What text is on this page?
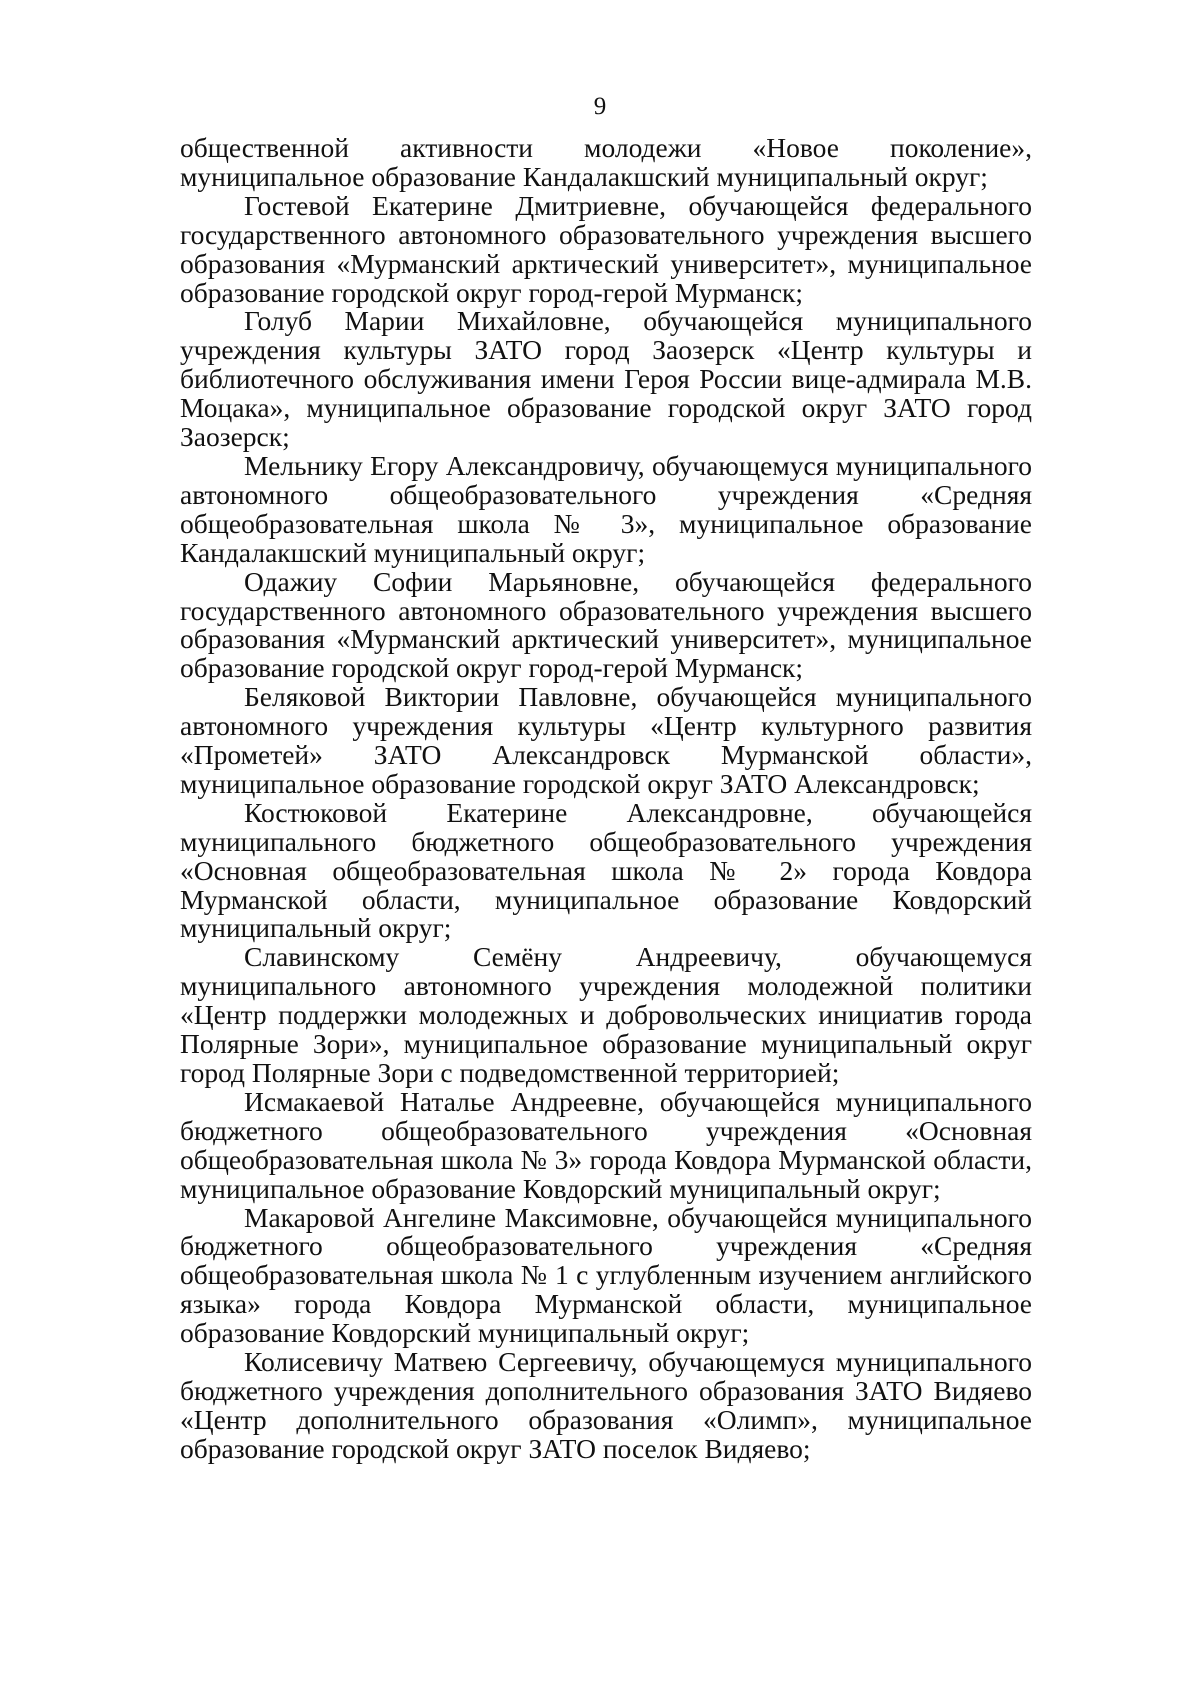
9

общественной активности молодежи «Новое поколение», муниципальное образование Кандалакшский муниципальный округ;

Гостевой Екатерине Дмитриевне, обучающейся федерального государственного автономного образовательного учреждения высшего образования «Мурманский арктический университет», муниципальное образование городской округ город-герой Мурманск;

Голуб Марии Михайловне, обучающейся муниципального учреждения культуры ЗАТО город Заозерск «Центр культуры и библиотечного обслуживания имени Героя России вице-адмирала М.В. Моцака», муниципальное образование городской округ ЗАТО город Заозерск;

Мельнику Егору Александровичу, обучающемуся муниципального автономного общеобразовательного учреждения «Средняя общеобразовательная школа № 3», муниципальное образование Кандалакшский муниципальный округ;

Одажиу Софии Марьяновне, обучающейся федерального государственного автономного образовательного учреждения высшего образования «Мурманский арктический университет», муниципальное образование городской округ город-герой Мурманск;

Беляковой Виктории Павловне, обучающейся муниципального автономного учреждения культуры «Центр культурного развития «Прометей» ЗАТО Александровск Мурманской области», муниципальное образование городской округ ЗАТО Александровск;

Костюковой Екатерине Александровне, обучающейся муниципального бюджетного общеобразовательного учреждения «Основная общеобразовательная школа № 2» города Ковдора Мурманской области, муниципальное образование Ковдорский муниципальный округ;

Славинскому Семёну Андреевичу, обучающемуся муниципального автономного учреждения молодежной политики «Центр поддержки молодежных и добровольческих инициатив города Полярные Зори», муниципальное образование муниципальный округ город Полярные Зори с подведомственной территорией;

Исмакаевой Наталье Андреевне, обучающейся муниципального бюджетного общеобразовательного учреждения «Основная общеобразовательная школа № 3» города Ковдора Мурманской области, муниципальное образование Ковдорский муниципальный округ;

Макаровой Ангелине Максимовне, обучающейся муниципального бюджетного общеобразовательного учреждения «Средняя общеобразовательная школа № 1 с углубленным изучением английского языка» города Ковдора Мурманской области, муниципальное образование Ковдорский муниципальный округ;

Колисевичу Матвею Сергеевичу, обучающемуся муниципального бюджетного учреждения дополнительного образования ЗАТО Видяево «Центр дополнительного образования «Олимп», муниципальное образование городской округ ЗАТО поселок Видяево;
